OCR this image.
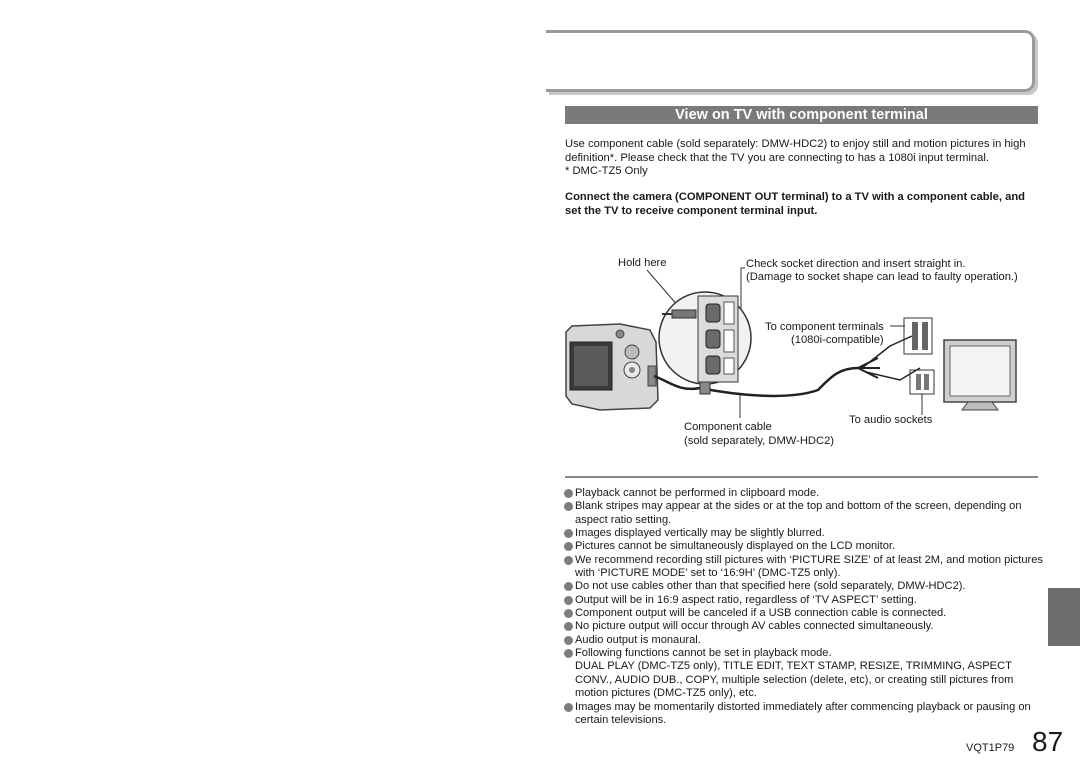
View on TV with component terminal
Use component cable (sold separately: DMW-HDC2) to enjoy still and motion pictures in high definition*. Please check that the TV you are connecting to has a 1080i input terminal.
* DMC-TZ5 Only
Connect the camera (COMPONENT OUT terminal) to a TV with a component cable, and set the TV to receive component terminal input.
Hold here	Check socket direction and insert straight in.
(Damage to socket shape can lead to faulty operation.)
To component terminals
(1080i-compatible)
To audio sockets
Component cable
(sold separately, DMW-HDC2)
Playback cannot be performed in clipboard mode.
Blank stripes may appear at the sides or at the top and bottom of the screen, depending on aspect ratio setting.
Images displayed vertically may be slightly blurred.
Pictures cannot be simultaneously displayed on the LCD monitor.
We recommend recording still pictures with ‘PICTURE SIZE’ of at least 2M, and motion pictures with ‘PICTURE MODE’ set to ‘16:9H’ (DMC-TZ5 only).
Do not use cables other than that specified here (sold separately, DMW-HDC2).
Output will be in 16:9 aspect ratio, regardless of ‘TV ASPECT’ setting.
Component output will be canceled if a USB connection cable is connected.
No picture output will occur through AV cables connected simultaneously.
Audio output is monaural.
Following functions cannot be set in playback mode.
DUAL PLAY (DMC-TZ5 only), TITLE EDIT, TEXT STAMP, RESIZE, TRIMMING, ASPECT CONV., AUDIO DUB., COPY, multiple selection (delete, etc), or creating still pictures from motion pictures (DMC-TZ5 only), etc.
Images may be momentarily distorted immediately after commencing playback or pausing on certain televisions.
VQT1P79 87
